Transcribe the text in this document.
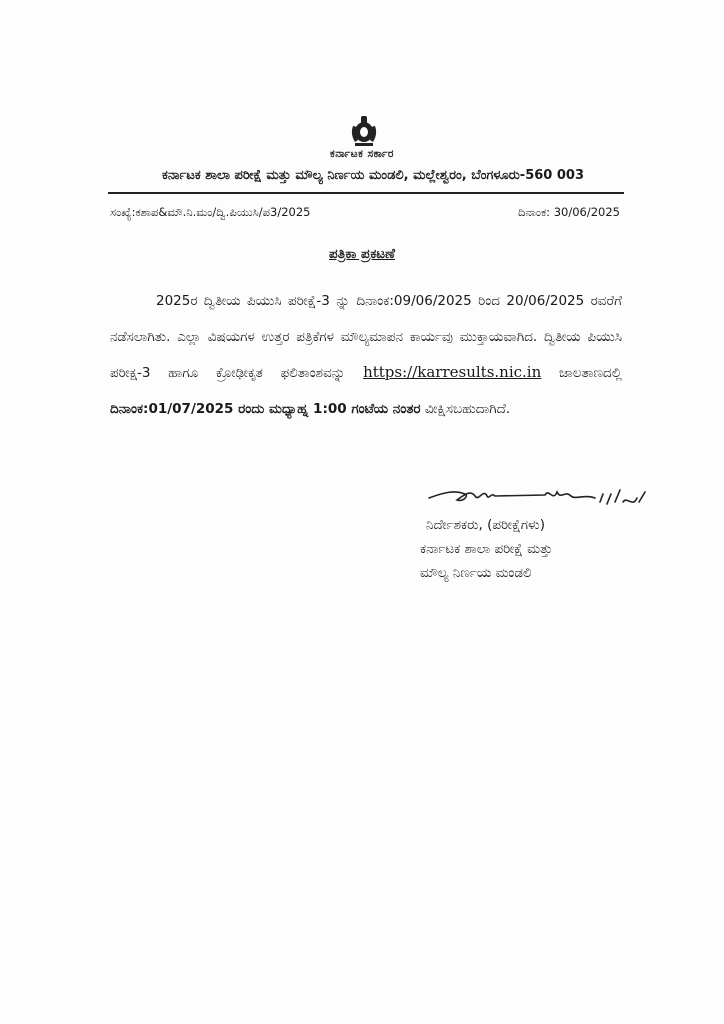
ಕರ್ನಾಟಕ ಸರ್ಕಾರ
ಕರ್ನಾಟಕ ಶಾಲಾ ಪರೀಕ್ಷೆ ಮತ್ತು ಮೌಲ್ಯ ನಿರ್ಣಯ ಮಂಡಲಿ, ಮಲ್ಲೇಶ್ವರಂ, ಬೆಂಗಳೂರು-560 003
ಸಂಖ್ಯೆ:ಕಶಾಪ&ಮೌ.ನಿ.ಮಂ/ದ್ವಿ.ಪಿಯುಸಿ/ಪ3/2025	ದಿನಾಂಕ: 30/06/2025
ಪತ್ರಿಕಾ ಪ್ರಕಟಣೆ
2025ರ ದ್ವಿತೀಯ ಪಿಯುಸಿ ಪರೀಕ್ಷೆ-3 ನ್ನು ದಿನಾಂಕ:09/06/2025 ರಿಂದ 20/06/2025 ರವರೆಗೆ ನಡೆಸಲಾಗಿತು. ಎಲ್ಲಾ ವಿಷಯಗಳ ಉತ್ತರ ಪತ್ರಿಕೆಗಳ ಮೌಲ್ಯಮಾಪನ ಕಾರ್ಯವು ಮುಕ್ತಾಯವಾಗಿದ. ದ್ವಿತೀಯ ಪಿಯುಸಿ ಪರೀಕ್ಷ-3 ಹಾಗೂ ಕ್ರೋಢೀಕೃತ ಫಲಿತಾಂಶವನ್ನು https://karresults.nic.in ಜಾಲತಾಣದಲ್ಲಿ ದಿನಾಂಕ:01/07/2025 ರಂದು ಮಧ್ಯಾಹ್ನ 1:00 ಗಂಟೆಯ ನಂತರ ವೀಕ್ಷಿಸಬಹುದಾಗಿದೆ.
ನಿರ್ದೇಶಕರು, (ಪರೀಕ್ಷೆಗಳು)
ಕರ್ನಾಟಕ ಶಾಲಾ ಪರೀಕ್ಷೆ ಮತ್ತು
ಮೌಲ್ಯ ನಿರ್ಣಯ ಮಂಡಲಿ
